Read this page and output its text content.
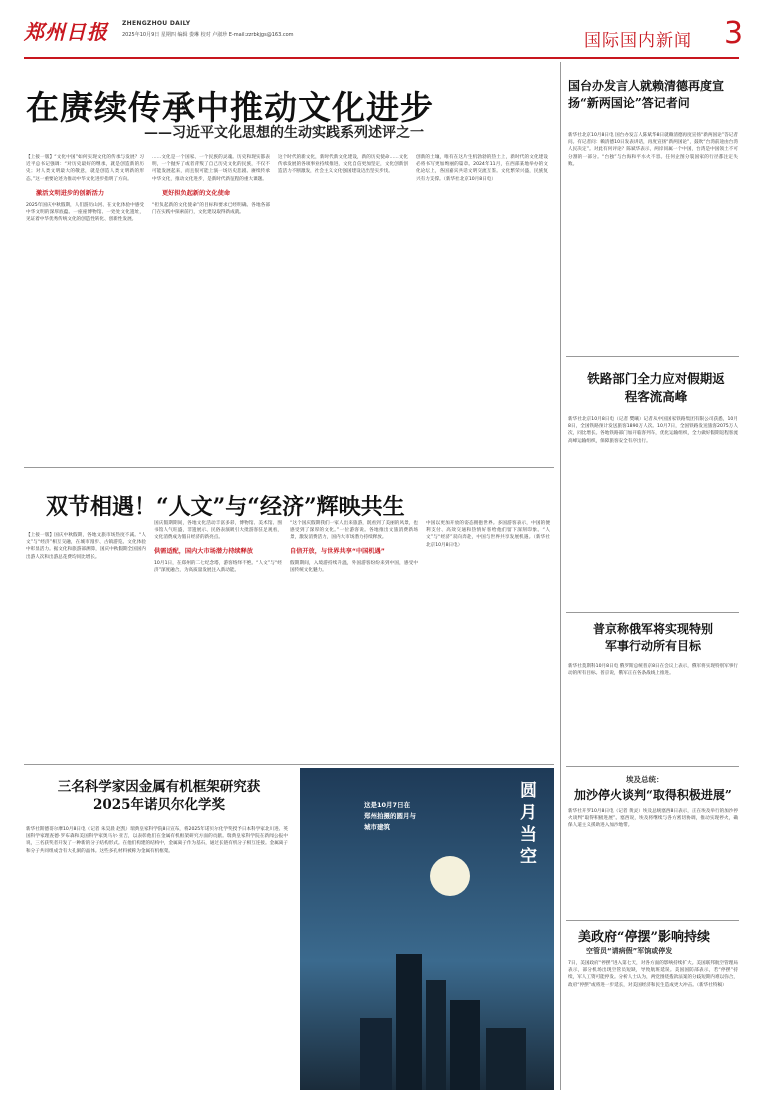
郑州日报 ZHENGZHOU DAILY
2025年10月9日 星期四 编辑 娄琳 校对 卢淑珍 E-mail:zzrbkjgs@163.com	国际国内新闻 3
在赓续传承中推动文化进步
——习近平文化思想的生动实践系列述评之一
【上接一版】“文化中国”如何实现文化的传承与发展？习近平总书记强调：“对历史最好的继承，就是创造新的历史；对人类文明最大的敬意，就是创造人类文明新的形态。”这一重要论述为推动中华文化进步指明了方向。
激活文明进步的创新活力
2025年国庆中秋假期，人们游历山河、在文化体验中感受中华文明的深厚底蕴。一座座博物馆、一处处文化遗址，见证着中华优秀传统文化的创造性转化、创新性发展。
……文化是一个国家、一个民族的灵魂。历史和现实都表明，一个抛弃了或者背叛了自己历史文化的民族，不仅不可能发展起来，而且很可能上演一场历史悲剧。赓续传承中华文化，推动文化进步，是新时代新征程的重大课题。
更好担负起新的文化使命
“担负起新的文化使命”的目标和要求已经明确。各地各部门在实践中探索前行，文化建设取得新成就。
这个时代的新文化，新时代新文化建设，新的历史使命……文化传承发展的各项事业持续推进，文化自信更加坚定，文化创新创造活力不断激发，社会主义文化强国建设迈出坚实步伐。
创新的土壤，唯有在这片生机勃勃的热土上，新时代的文化建设必将书写更加绚丽的篇章。2024年11月，在西部某地举办的文化论坛上，各国嘉宾共话文明交流互鉴。文化繁荣兴盛，民族复兴有力支撑。（新华社北京10月8日电）
双节相遇！“人文”与“经济”辉映共生
【上接一版】国庆中秋假期，各地文旅市场热度不减。“人文”与“经济”相互交融，在城市漫步、古镇游览、文化体验中彰显活力。据文化和旅游部测算，国庆中秋假期全国国内出游人次和出游总花费均同比增长。
国庆假期期间，各地文化活动丰富多彩，博物馆、美术馆、图书馆人气旺盛，非遗展示、民俗表演吸引大批游客驻足观看，文化消费成为假日经济的新亮点。
供需适配，国内大市场潜力持续释放
10月1日，在郑州的二七纪念塔，游客络绎不绝。“人文”与“经济”深度融合，为高质量发展注入新动能。
“这个国庆假期我们一家人出来旅游，既看到了美丽的风景，也感受到了深厚的文化。”一位游客说。各地推出文旅消费新场景，激发消费活力，国内大市场潜力持续释放。
自信开放，与世界共享“中国机遇”
假期期间，入境游持续升温，外国游客纷纷来到中国，感受中国传统文化魅力。
中国以更加开放的姿态拥抱世界。多国游客表示，中国的便利支付、高效交通和热情好客给他们留下深刻印象。“人文”与“经济”双向奔赴，中国与世界共享发展机遇。（新华社北京10月8日电）
三名科学家因金属有机框架研究获2025年诺贝尔化学奖
新华社斯德哥尔摩10月8日电（记者 朱昊晨 赵凯）瑞典皇家科学院8日宣布，将2025年诺贝尔化学奖授予日本科学家北川进、英国科学家理查德·罗布森和美国科学家奥马尔·亚吉，以表彰他们在金属有机框架研究方面的贡献。瑞典皇家科学院在新闻公报中说，三名获奖者开发了一种新的分子结构形式。在他们构建的结构中，金属离子作为基石，通过长链有机分子相互连接。金属离子和分子共同组成含有大孔洞的晶体。这些多孔材料被称为金属有机框架。
这是10月7日在郑州拍摄的圆月与城市建筑
圆月当空
国台办发言人就赖清德再度宣扬“新两国论”答记者问
新华社北京10月8日电 国台办发言人陈斌华8日就赖清德再度宣扬“新两国论”答记者问。有记者问：赖清德10日发表讲话，再度宣扬“新两国论”，鼓吹“台湾前途由台湾人民决定”。对此有何评论？陈斌华表示，两岸同属一个中国，台湾是中国领土不可分割的一部分。“台独”与台海和平水火不容。任何企图分裂国家的行径都注定失败。
铁路部门全力应对假期返程客流高峰
新华社北京10月8日电（记者 樊曦）记者从中国国家铁路集团有限公司获悉，10月8日，全国铁路预计发送旅客1890万人次。10月7日，全国铁路发送旅客2075万人次，同比增长。各地铁路部门加开临客列车，优化运输组织，全力做好假期返程客流高峰运输组织，保障旅客安全有序出行。
普京称俄军将实现特别军事行动所有目标
新华社莫斯科10月8日电 俄罗斯总统普京8日在会议上表示，俄军将实现特别军事行动的所有目标。普京说，俄军正在各条战线上推进。
埃及总统：
加沙停火谈判“取得积极进展”
新华社开罗10月8日电（记者 黄灵）埃及总统塞西8日表示，正在埃及举行的加沙停火谈判“取得积极进展”。塞西说，埃及将继续与各方密切协调，推动实现停火，确保人道主义援助进入加沙地带。
美政府“停摆”影响持续
空管员“请病假”军饷或停发
7日，美国政府“停摆”进入第七天，对各方面的影响持续扩大。美国联邦航空管理局表示，部分机场出现空管员短缺，导致航班延误。美国国防部表示，若“停摆”持续，军人工资可能停发。分析人士认为，两党围绕拨款法案的分歧短期内难以弥合，政府“停摆”或将进一步延长，对美国经济和民生造成更大冲击。（新华社特稿）
